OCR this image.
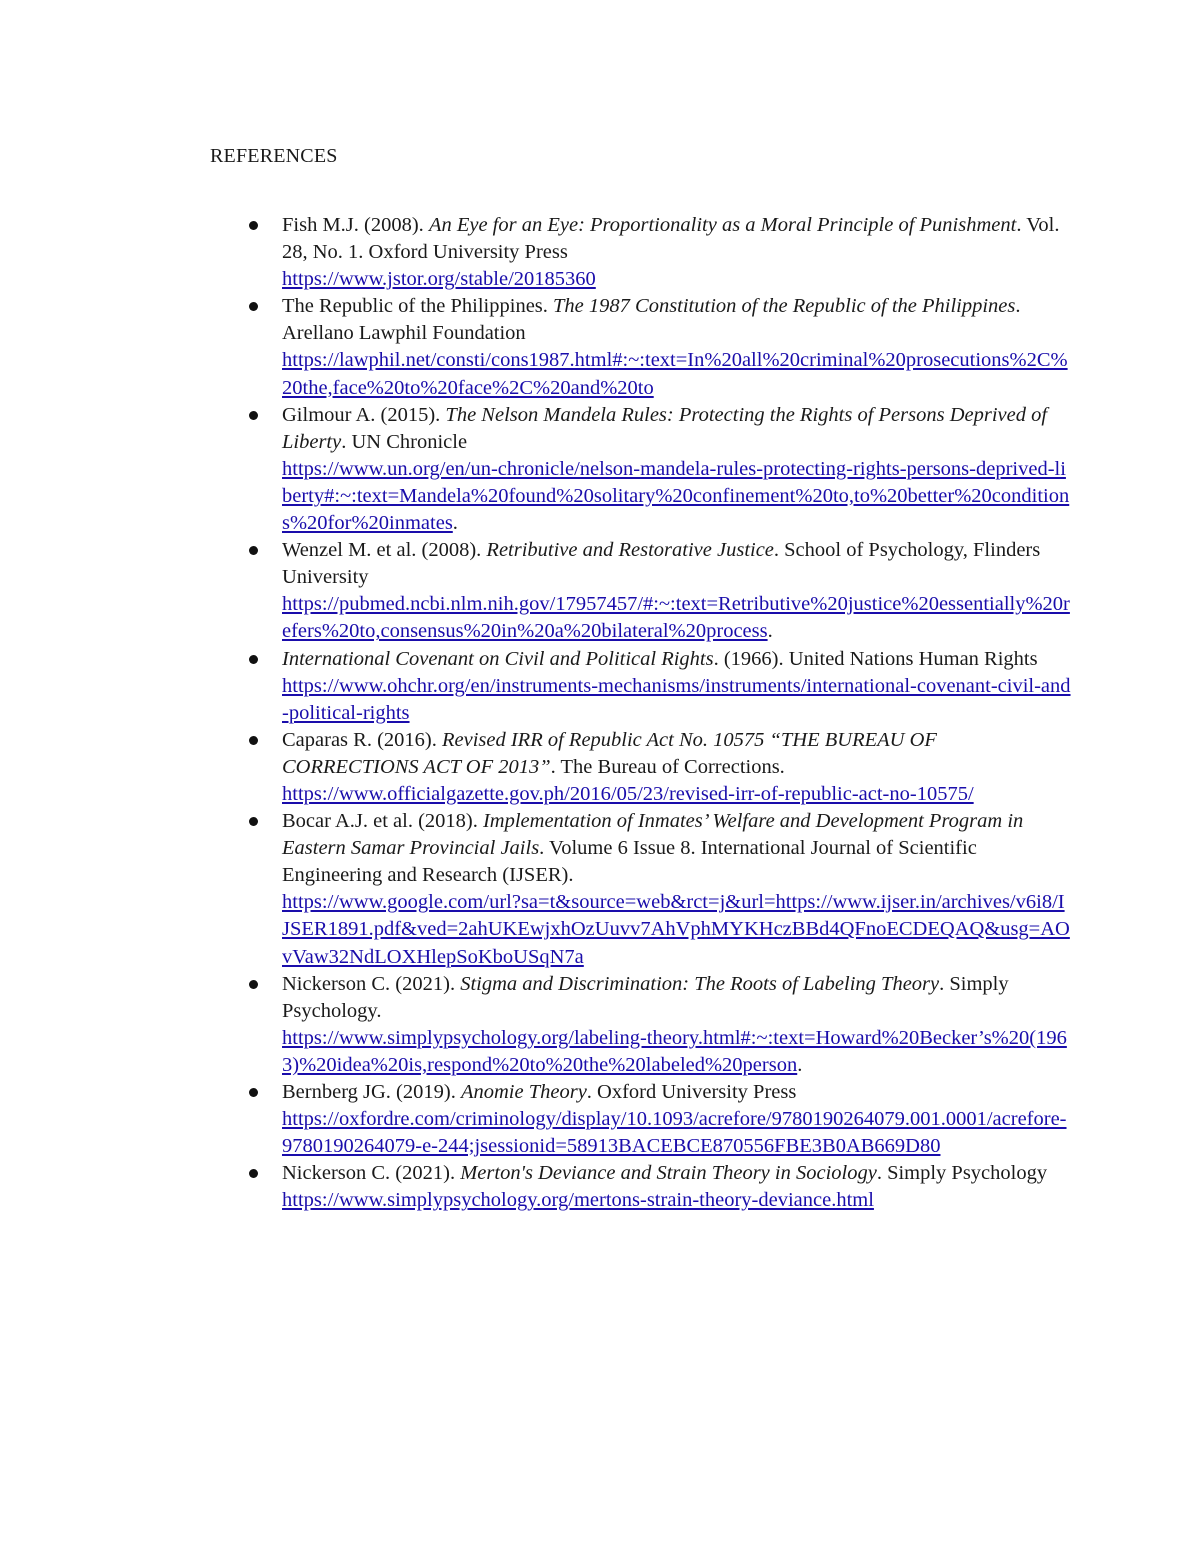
REFERENCES
Fish M.J. (2008). An Eye for an Eye: Proportionality as a Moral Principle of Punishment. Vol. 28, No. 1. Oxford University Press
https://www.jstor.org/stable/20185360
The Republic of the Philippines. The 1987 Constitution of the Republic of the Philippines. Arellano Lawphil Foundation
https://lawphil.net/consti/cons1987.html#:~:text=In%20all%20criminal%20prosecutions%2C%20the,face%20to%20face%2C%20and%20to
Gilmour A. (2015). The Nelson Mandela Rules: Protecting the Rights of Persons Deprived of Liberty. UN Chronicle
https://www.un.org/en/un-chronicle/nelson-mandela-rules-protecting-rights-persons-deprived-liberty#:~:text=Mandela%20found%20solitary%20confinement%20to,to%20better%20conditions%20for%20inmates.
Wenzel M. et al. (2008). Retributive and Restorative Justice. School of Psychology, Flinders University
https://pubmed.ncbi.nlm.nih.gov/17957457/#:~:text=Retributive%20justice%20essentially%20refers%20to,consensus%20in%20a%20bilateral%20process.
International Covenant on Civil and Political Rights. (1966). United Nations Human Rights
https://www.ohchr.org/en/instruments-mechanisms/instruments/international-covenant-civil-and-political-rights
Caparas R. (2016). Revised IRR of Republic Act No. 10575 “THE BUREAU OF CORRECTIONS ACT OF 2013”. The Bureau of Corrections.
https://www.officialgazette.gov.ph/2016/05/23/revised-irr-of-republic-act-no-10575/
Bocar A.J. et al. (2018). Implementation of Inmates’ Welfare and Development Program in Eastern Samar Provincial Jails. Volume 6 Issue 8. International Journal of Scientific Engineering and Research (IJSER).
https://www.google.com/url?sa=t&source=web&rct=j&url=https://www.ijser.in/archives/v6i8/IJSER1891.pdf&ved=2ahUKEwjxhOzUuvv7AhVphMYKHczBBd4QFnoECDEQAQ&usg=AOvVaw32NdLOXHlepSoKboUSqN7a
Nickerson C. (2021). Stigma and Discrimination: The Roots of Labeling Theory. Simply Psychology.
https://www.simplypsychology.org/labeling-theory.html#:~:text=Howard%20Becker’s%20(1963)%20idea%20is,respond%20to%20the%20labeled%20person.
Bernberg JG. (2019). Anomie Theory. Oxford University Press
https://oxfordre.com/criminology/display/10.1093/acrefore/9780190264079.001.0001/acrefore-9780190264079-e-244;jsessionid=58913BACEBCE870556FBE3B0AB669D80
Nickerson C. (2021). Merton's Deviance and Strain Theory in Sociology. Simply Psychology
https://www.simplypsychology.org/mertons-strain-theory-deviance.html
